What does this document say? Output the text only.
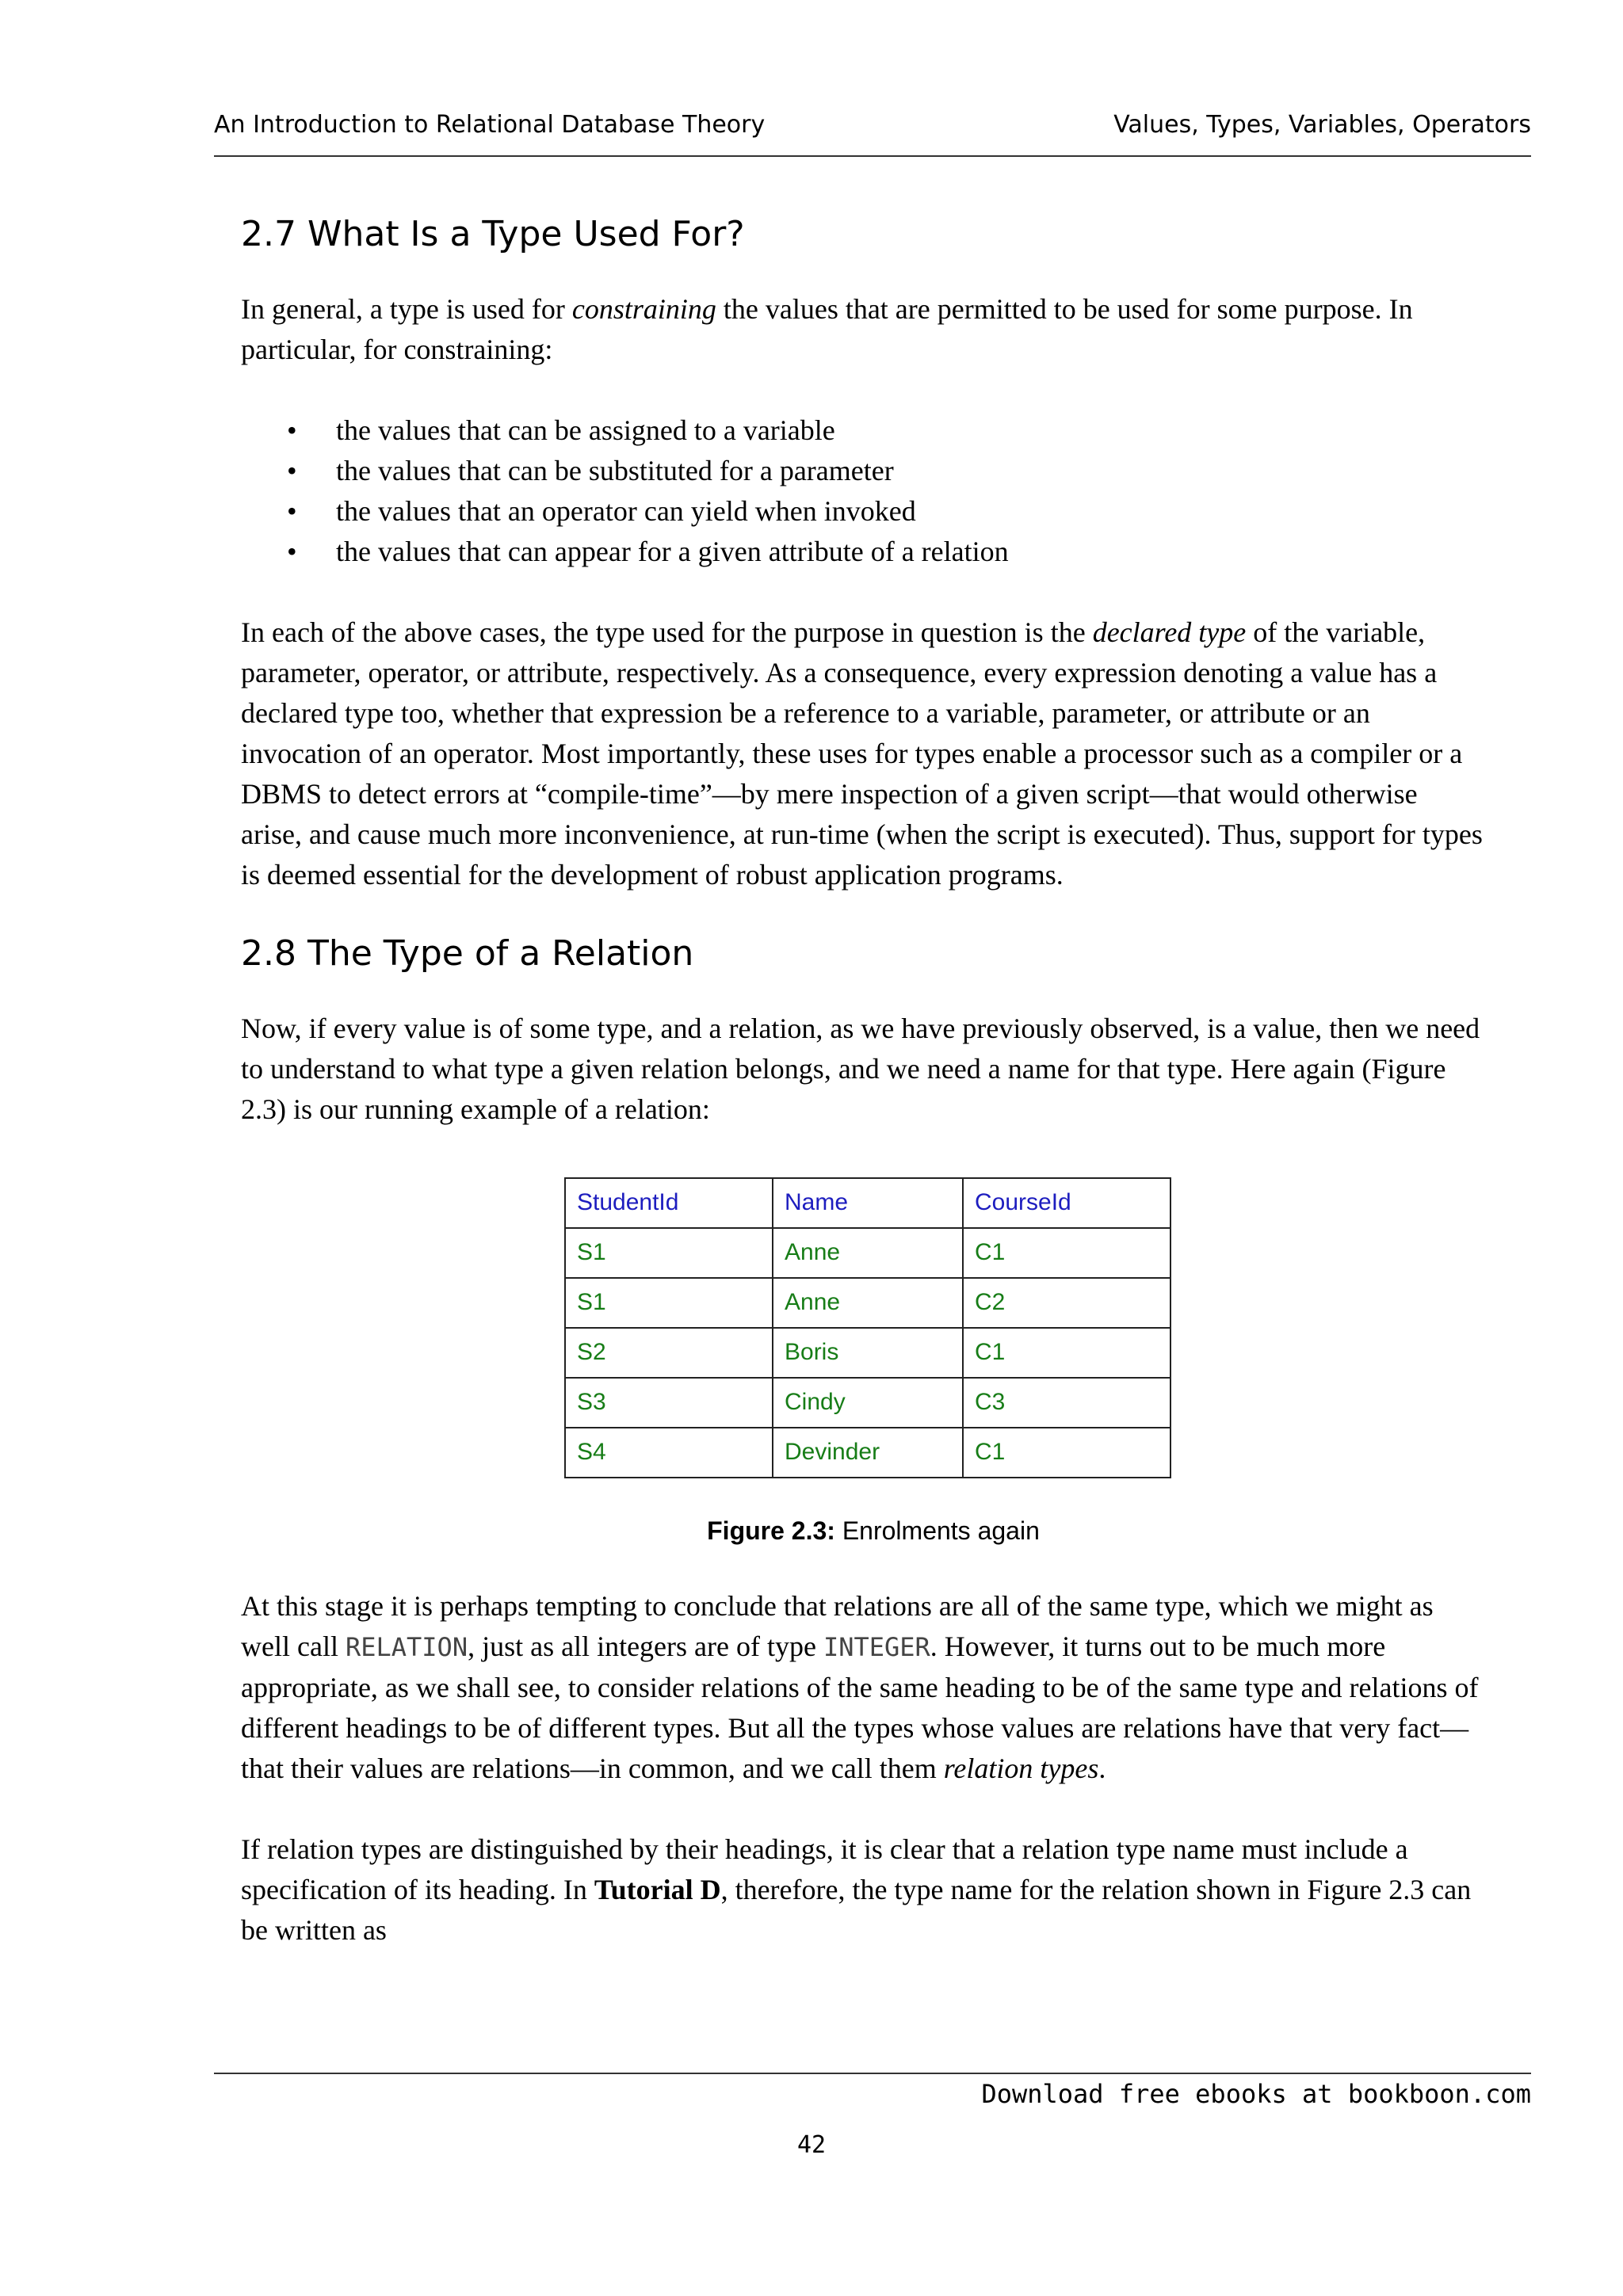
An Introduction to Relational Database Theory	Values, Types, Variables, Operators
2.7 What Is a Type Used For?

In general, a type is used for constraining the values that are permitted to be used for some purpose. In particular, for constraining:

• the values that can be assigned to a variable
• the values that can be substituted for a parameter
• the values that an operator can yield when invoked
• the values that can appear for a given attribute of a relation

In each of the above cases, the type used for the purpose in question is the declared type of the variable, parameter, operator, or attribute, respectively. As a consequence, every expression denoting a value has a declared type too, whether that expression be a reference to a variable, parameter, or attribute or an invocation of an operator. Most importantly, these uses for types enable a processor such as a compiler or a DBMS to detect errors at “compile-time”—by mere inspection of a given script—that would otherwise arise, and cause much more inconvenience, at run-time (when the script is executed). Thus, support for types is deemed essential for the development of robust application programs.

2.8 The Type of a Relation

Now, if every value is of some type, and a relation, as we have previously observed, is a value, then we need to understand to what type a given relation belongs, and we need a name for that type. Here again (Figure 2.3) is our running example of a relation:

StudentId	Name	CourseId
S1	Anne	C1
S1	Anne	C2
S2	Boris	C1
S3	Cindy	C3
S4	Devinder	C1
Figure 2.3: Enrolments again

At this stage it is perhaps tempting to conclude that relations are all of the same type, which we might as well call RELATION, just as all integers are of type INTEGER. However, it turns out to be much more appropriate, as we shall see, to consider relations of the same heading to be of the same type and relations of different headings to be of different types. But all the types whose values are relations have that very fact—that their values are relations—in common, and we call them relation types.

If relation types are distinguished by their headings, it is clear that a relation type name must include a specification of its heading. In Tutorial D, therefore, the type name for the relation shown in Figure 2.3 can be written as

Download free ebooks at bookboon.com
42
